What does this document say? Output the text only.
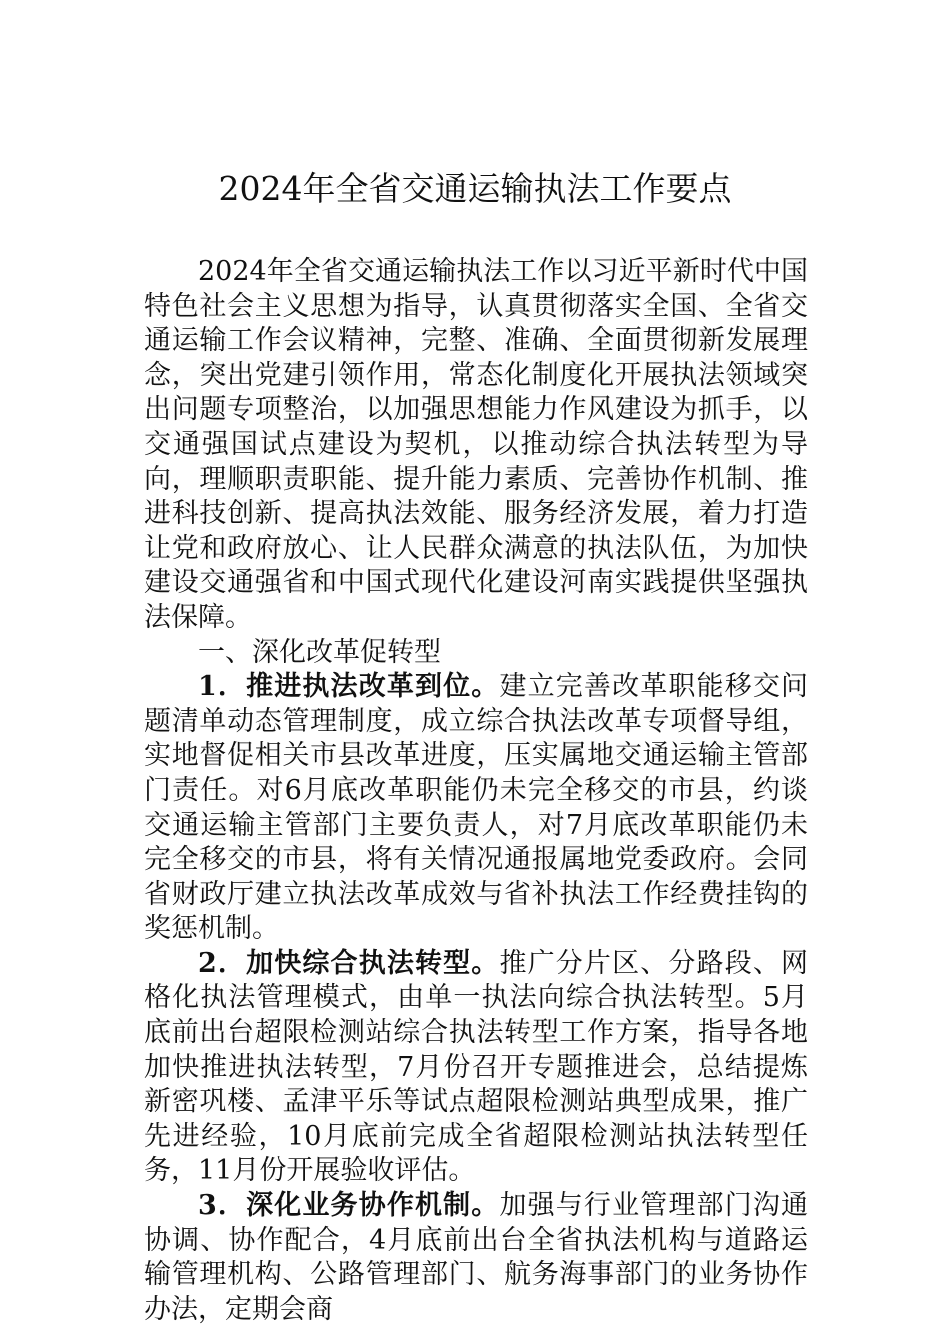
2024年全省交通运输执法工作要点

2024年全省交通运输执法工作以习近平新时代中国特色社会主义思想为指导，认真贯彻落实全国、全省交通运输工作会议精神，完整、准确、全面贯彻新发展理念，突出党建引领作用，常态化制度化开展执法领域突出问题专项整治，以加强思想能力作风建设为抓手，以交通强国试点建设为契机，以推动综合执法转型为导向，理顺职责职能、提升能力素质、完善协作机制、推进科技创新、提高执法效能、服务经济发展，着力打造让党和政府放心、让人民群众满意的执法队伍，为加快建设交通强省和中国式现代化建设河南实践提供坚强执法保障。

一、深化改革促转型

1．推进执法改革到位。建立完善改革职能移交问题清单动态管理制度，成立综合执法改革专项督导组，实地督促相关市县改革进度，压实属地交通运输主管部门责任。对6月底改革职能仍未完全移交的市县，约谈交通运输主管部门主要负责人，对7月底改革职能仍未完全移交的市县，将有关情况通报属地党委政府。会同省财政厅建立执法改革成效与省补执法工作经费挂钩的奖惩机制。

2．加快综合执法转型。推广分片区、分路段、网格化执法管理模式，由单一执法向综合执法转型。5月底前出台超限检测站综合执法转型工作方案，指导各地加快推进执法转型，7月份召开专题推进会，总结提炼新密巩楼、孟津平乐等试点超限检测站典型成果，推广先进经验，10月底前完成全省超限检测站执法转型任务，11月份开展验收评估。

3．深化业务协作机制。加强与行业管理部门沟通协调、协作配合，4月底前出台全省执法机构与道路运输管理机构、公路管理部门、航务海事部门的业务协作办法，定期会商
